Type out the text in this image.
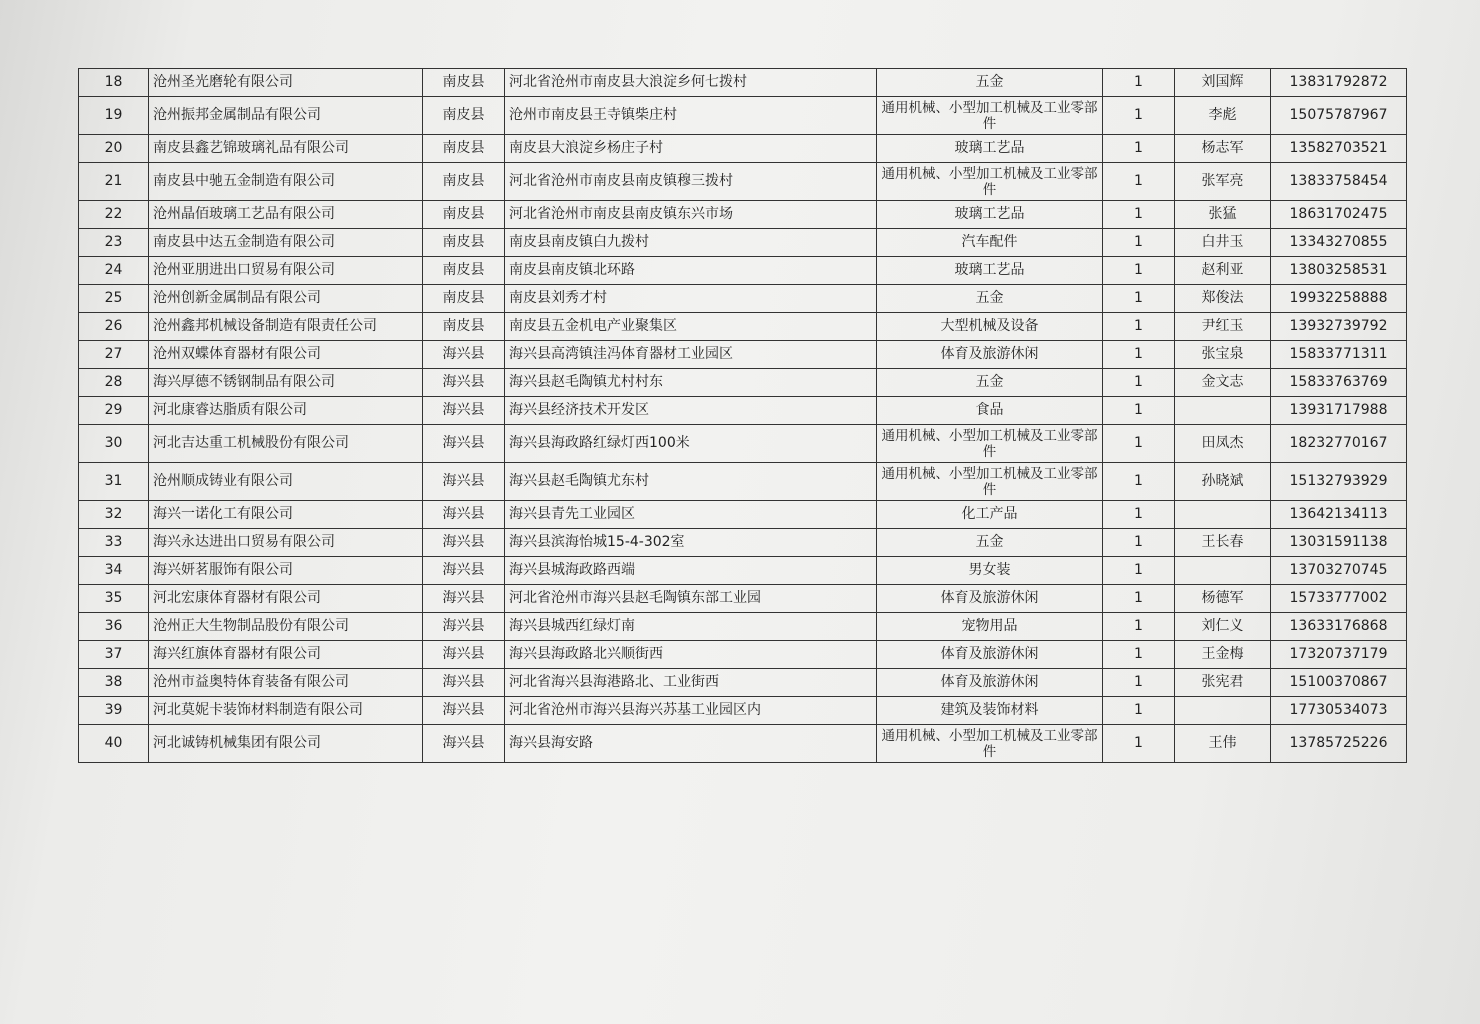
18	沧州圣光磨轮有限公司	南皮县	河北省沧州市南皮县大浪淀乡何七拨村	五金	1	刘国辉	13831792872
19	沧州振邦金属制品有限公司	南皮县	沧州市南皮县王寺镇柴庄村	通用机械、小型加工机械及工业零部件	1	李彪	15075787967
20	南皮县鑫艺锦玻璃礼品有限公司	南皮县	南皮县大浪淀乡杨庄子村	玻璃工艺品	1	杨志军	13582703521
21	南皮县中驰五金制造有限公司	南皮县	河北省沧州市南皮县南皮镇穆三拨村	通用机械、小型加工机械及工业零部件	1	张军亮	13833758454
22	沧州晶佰玻璃工艺品有限公司	南皮县	河北省沧州市南皮县南皮镇东兴市场	玻璃工艺品	1	张猛	18631702475
23	南皮县中达五金制造有限公司	南皮县	南皮县南皮镇白九拨村	汽车配件	1	白井玉	13343270855
24	沧州亚朋进出口贸易有限公司	南皮县	南皮县南皮镇北环路	玻璃工艺品	1	赵利亚	13803258531
25	沧州创新金属制品有限公司	南皮县	南皮县刘秀才村	五金	1	郑俊法	19932258888
26	沧州鑫邦机械设备制造有限责任公司	南皮县	南皮县五金机电产业聚集区	大型机械及设备	1	尹红玉	13932739792
27	沧州双蝶体育器材有限公司	海兴县	海兴县高湾镇洼冯体育器材工业园区	体育及旅游休闲	1	张宝泉	15833771311
28	海兴厚德不锈钢制品有限公司	海兴县	海兴县赵毛陶镇尤村村东	五金	1	金文志	15833763769
29	河北康睿达脂质有限公司	海兴县	海兴县经济技术开发区	食品	1		13931717988
30	河北吉达重工机械股份有限公司	海兴县	海兴县海政路红绿灯西100米	通用机械、小型加工机械及工业零部件	1	田凤杰	18232770167
31	沧州顺成铸业有限公司	海兴县	海兴县赵毛陶镇尤东村	通用机械、小型加工机械及工业零部件	1	孙晓斌	15132793929
32	海兴一诺化工有限公司	海兴县	海兴县青先工业园区	化工产品	1		13642134113
33	海兴永达进出口贸易有限公司	海兴县	海兴县滨海怡城15-4-302室	五金	1	王长春	13031591138
34	海兴妍茗服饰有限公司	海兴县	海兴县城海政路西端	男女装	1		13703270745
35	河北宏康体育器材有限公司	海兴县	河北省沧州市海兴县赵毛陶镇东部工业园	体育及旅游休闲	1	杨德军	15733777002
36	沧州正大生物制品股份有限公司	海兴县	海兴县城西红绿灯南	宠物用品	1	刘仁义	13633176868
37	海兴红旗体育器材有限公司	海兴县	海兴县海政路北兴顺街西	体育及旅游休闲	1	王金梅	17320737179
38	沧州市益奥特体育装备有限公司	海兴县	河北省海兴县海港路北、工业街西	体育及旅游休闲	1	张宪君	15100370867
39	河北莫妮卡装饰材料制造有限公司	海兴县	河北省沧州市海兴县海兴苏基工业园区内	建筑及装饰材料	1		17730534073
40	河北诚铸机械集团有限公司	海兴县	海兴县海安路	通用机械、小型加工机械及工业零部件	1	王伟	13785725226
